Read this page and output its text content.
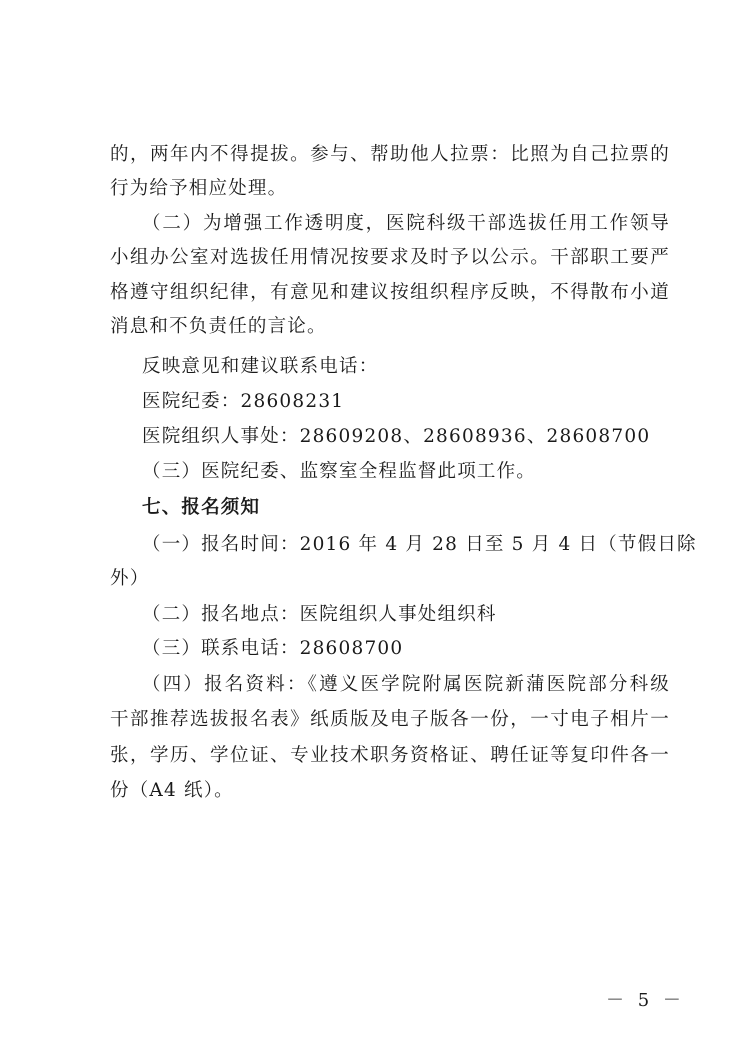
的，两年内不得提拔。参与、帮助他人拉票：比照为自己拉票的
行为给予相应处理。
（二）为增强工作透明度，医院科级干部选拔任用工作领导
小组办公室对选拔任用情况按要求及时予以公示。干部职工要严
格遵守组织纪律，有意见和建议按组织程序反映，不得散布小道
消息和不负责任的言论。
反映意见和建议联系电话：
医院纪委：28608231
医院组织人事处：28609208、28608936、28608700
（三）医院纪委、监察室全程监督此项工作。
七、报名须知
（一）报名时间：2016 年 4 月 28 日至 5 月 4 日（节假日除
外）
（二）报名地点：医院组织人事处组织科
（三）联系电话：28608700
（四）报名资料：《遵义医学院附属医院新蒲医院部分科级
干部推荐选拔报名表》纸质版及电子版各一份，一寸电子相片一
张，学历、学位证、专业技术职务资格证、聘任证等复印件各一
份（A4 纸）。
－ 5 －
